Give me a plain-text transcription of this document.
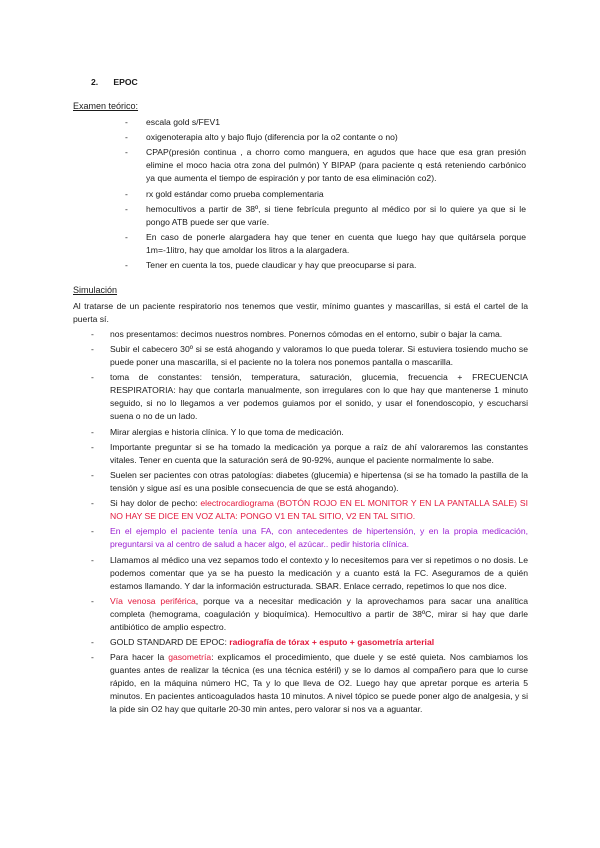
2. EPOC
Examen teórico:
- escala gold s/FEV1
- oxigenoterapia alto y bajo flujo (diferencia por la o2 contante o no)
- CPAP(presión continua , a chorro como manguera, en agudos que hace que esa gran presión elimine el moco hacia otra zona del pulmón) Y BIPAP (para paciente q está reteniendo carbónico ya que aumenta el tiempo de espiración y por tanto de esa eliminación co2).
- rx gold estándar como prueba complementaria
- hemocultivos a partir de 38º, si tiene febrícula pregunto al médico por si lo quiere ya que si le pongo ATB puede ser que varíe.
- En caso de ponerle alargadera hay que tener en cuenta que luego hay que quitársela porque 1m=-1litro, hay que amoldar los litros a la alargadera.
- Tener en cuenta la tos, puede claudicar y hay que preocuparse si para.
Simulación
Al tratarse de un paciente respiratorio nos tenemos que vestir, mínimo guantes y mascarillas, si está el cartel de la puerta sí.
- nos presentamos: decimos nuestros nombres. Ponernos cómodas en el entorno, subir o bajar la cama.
- Subir el cabecero 30º si se está ahogando y valoramos lo que pueda tolerar. Si estuviera tosiendo mucho se puede poner una mascarilla, si el paciente no la tolera nos ponemos pantalla o mascarilla.
- toma de constantes: tensión, temperatura, saturación, glucemia, frecuencia + FRECUENCIA RESPIRATORIA: hay que contarla manualmente, son irregulares con lo que hay que mantenerse 1 minuto seguido, si no lo llegamos a ver podemos guiamos por el sonido, y usar el fonendoscopio, y escucharsi suena o no de un lado.
- Mirar alergias e historia clínica. Y lo que toma de medicación.
- Importante preguntar si se ha tomado la medicación ya porque a raíz de ahí valoraremos las constantes vitales. Tener en cuenta que la saturación será de 90-92%, aunque el paciente normalmente lo sabe.
- Suelen ser pacientes con otras patologías: diabetes (glucemia) e hipertensa (si se ha tomado la pastilla de la tensión y sigue así es una posible consecuencia de que se está ahogando).
- Si hay dolor de pecho: electrocardiograma (BOTÓN ROJO EN EL MONITOR Y EN LA PANTALLA SALE) SI NO HAY SE DICE EN VOZ ALTA: PONGO V1 EN TAL SITIO, V2 EN TAL SITIO.
- En el ejemplo el paciente tenía una FA, con antecedentes de hipertensión, y en la propia medicación, preguntarsi va al centro de salud a hacer algo, el azúcar.. pedir historia clínica.
- Llamamos al médico una vez sepamos todo el contexto y lo necesitemos para ver si repetimos o no dosis. Le podemos comentar que ya se ha puesto la medicación y a cuanto está la FC. Aseguramos de a quién estamos llamando. Y dar la información estructurada. SBAR. Enlace cerrado, repetimos lo que nos dice.
- Vía venosa periférica, porque va a necesitar medicación y la aprovechamos para sacar una analítica completa (hemograma, coagulación y bioquímica). Hemocultivo a partir de 38ºC, mirar si hay que darle antibiótico de amplio espectro.
- GOLD STANDARD DE EPOC: radiografía de tórax + esputo + gasometría arterial
- Para hacer la gasometría: explicamos el procedimiento, que duele y se esté quieta. Nos cambiamos los guantes antes de realizar la técnica (es una técnica estéril) y se lo damos al compañero para que lo curse rápido, en la máquina número HC, Ta y lo que lleva de O2. Luego hay que apretar porque es arteria 5 minutos. En pacientes anticoagulados hasta 10 minutos. A nivel tópico se puede poner algo de analgesia, y si la pide sin O2 hay que quitarle 20-30 min antes, pero valorar si nos va a aguantar.
